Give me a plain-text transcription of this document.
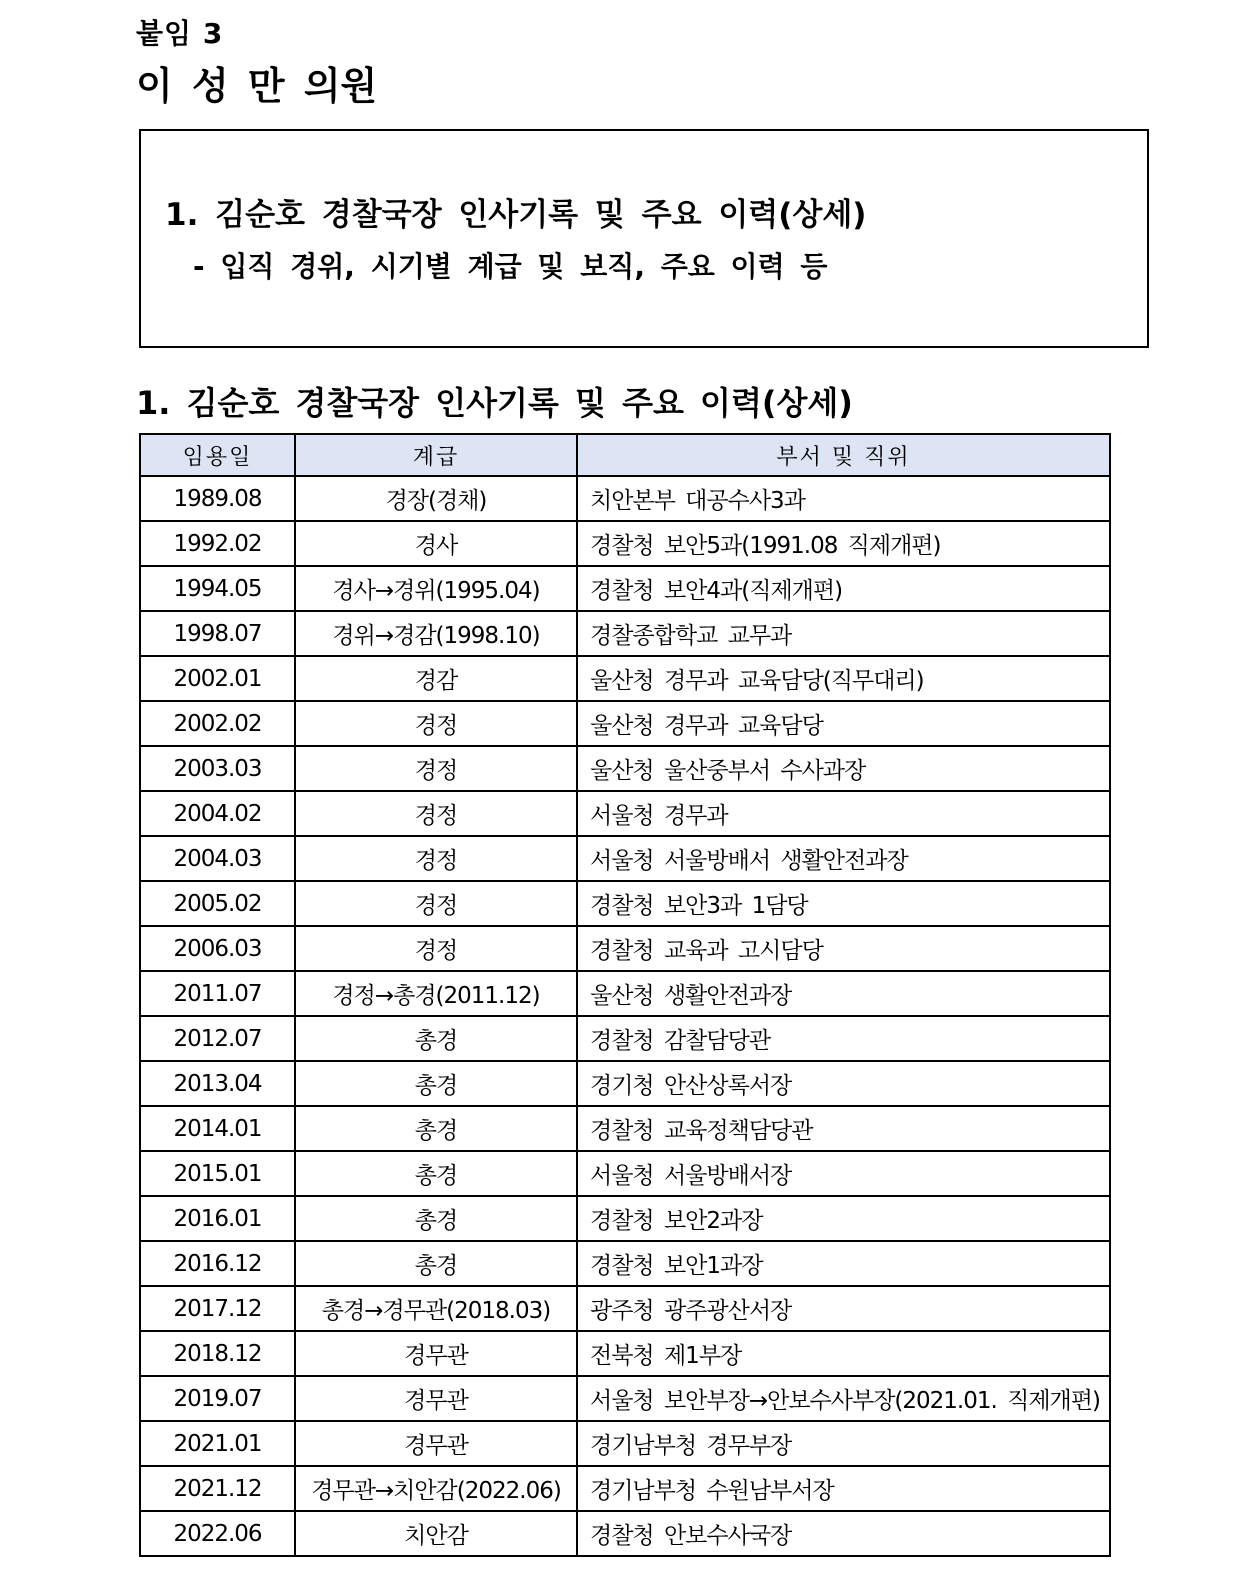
붙임 3
이 성 만 의원
1. 김순호 경찰국장 인사기록 및 주요 이력(상세)
- 입직 경위, 시기별 계급 및 보직, 주요 이력 등
1. 김순호 경찰국장 인사기록 및 주요 이력(상세)
임용일	계급	부서 및 직위
1989.08	경장(경채)	치안본부 대공수사3과
1992.02	경사	경찰청 보안5과(1991.08 직제개편)
1994.05	경사→경위(1995.04)	경찰청 보안4과(직제개편)
1998.07	경위→경감(1998.10)	경찰종합학교 교무과
2002.01	경감	울산청 경무과 교육담당(직무대리)
2002.02	경정	울산청 경무과 교육담당
2003.03	경정	울산청 울산중부서 수사과장
2004.02	경정	서울청 경무과
2004.03	경정	서울청 서울방배서 생활안전과장
2005.02	경정	경찰청 보안3과 1담당
2006.03	경정	경찰청 교육과 고시담당
2011.07	경정→총경(2011.12)	울산청 생활안전과장
2012.07	총경	경찰청 감찰담당관
2013.04	총경	경기청 안산상록서장
2014.01	총경	경찰청 교육정책담당관
2015.01	총경	서울청 서울방배서장
2016.01	총경	경찰청 보안2과장
2016.12	총경	경찰청 보안1과장
2017.12	총경→경무관(2018.03)	광주청 광주광산서장
2018.12	경무관	전북청 제1부장
2019.07	경무관	서울청 보안부장→안보수사부장(2021.01. 직제개편)
2021.01	경무관	경기남부청 경무부장
2021.12	경무관→치안감(2022.06)	경기남부청 수원남부서장
2022.06	치안감	경찰청 안보수사국장
